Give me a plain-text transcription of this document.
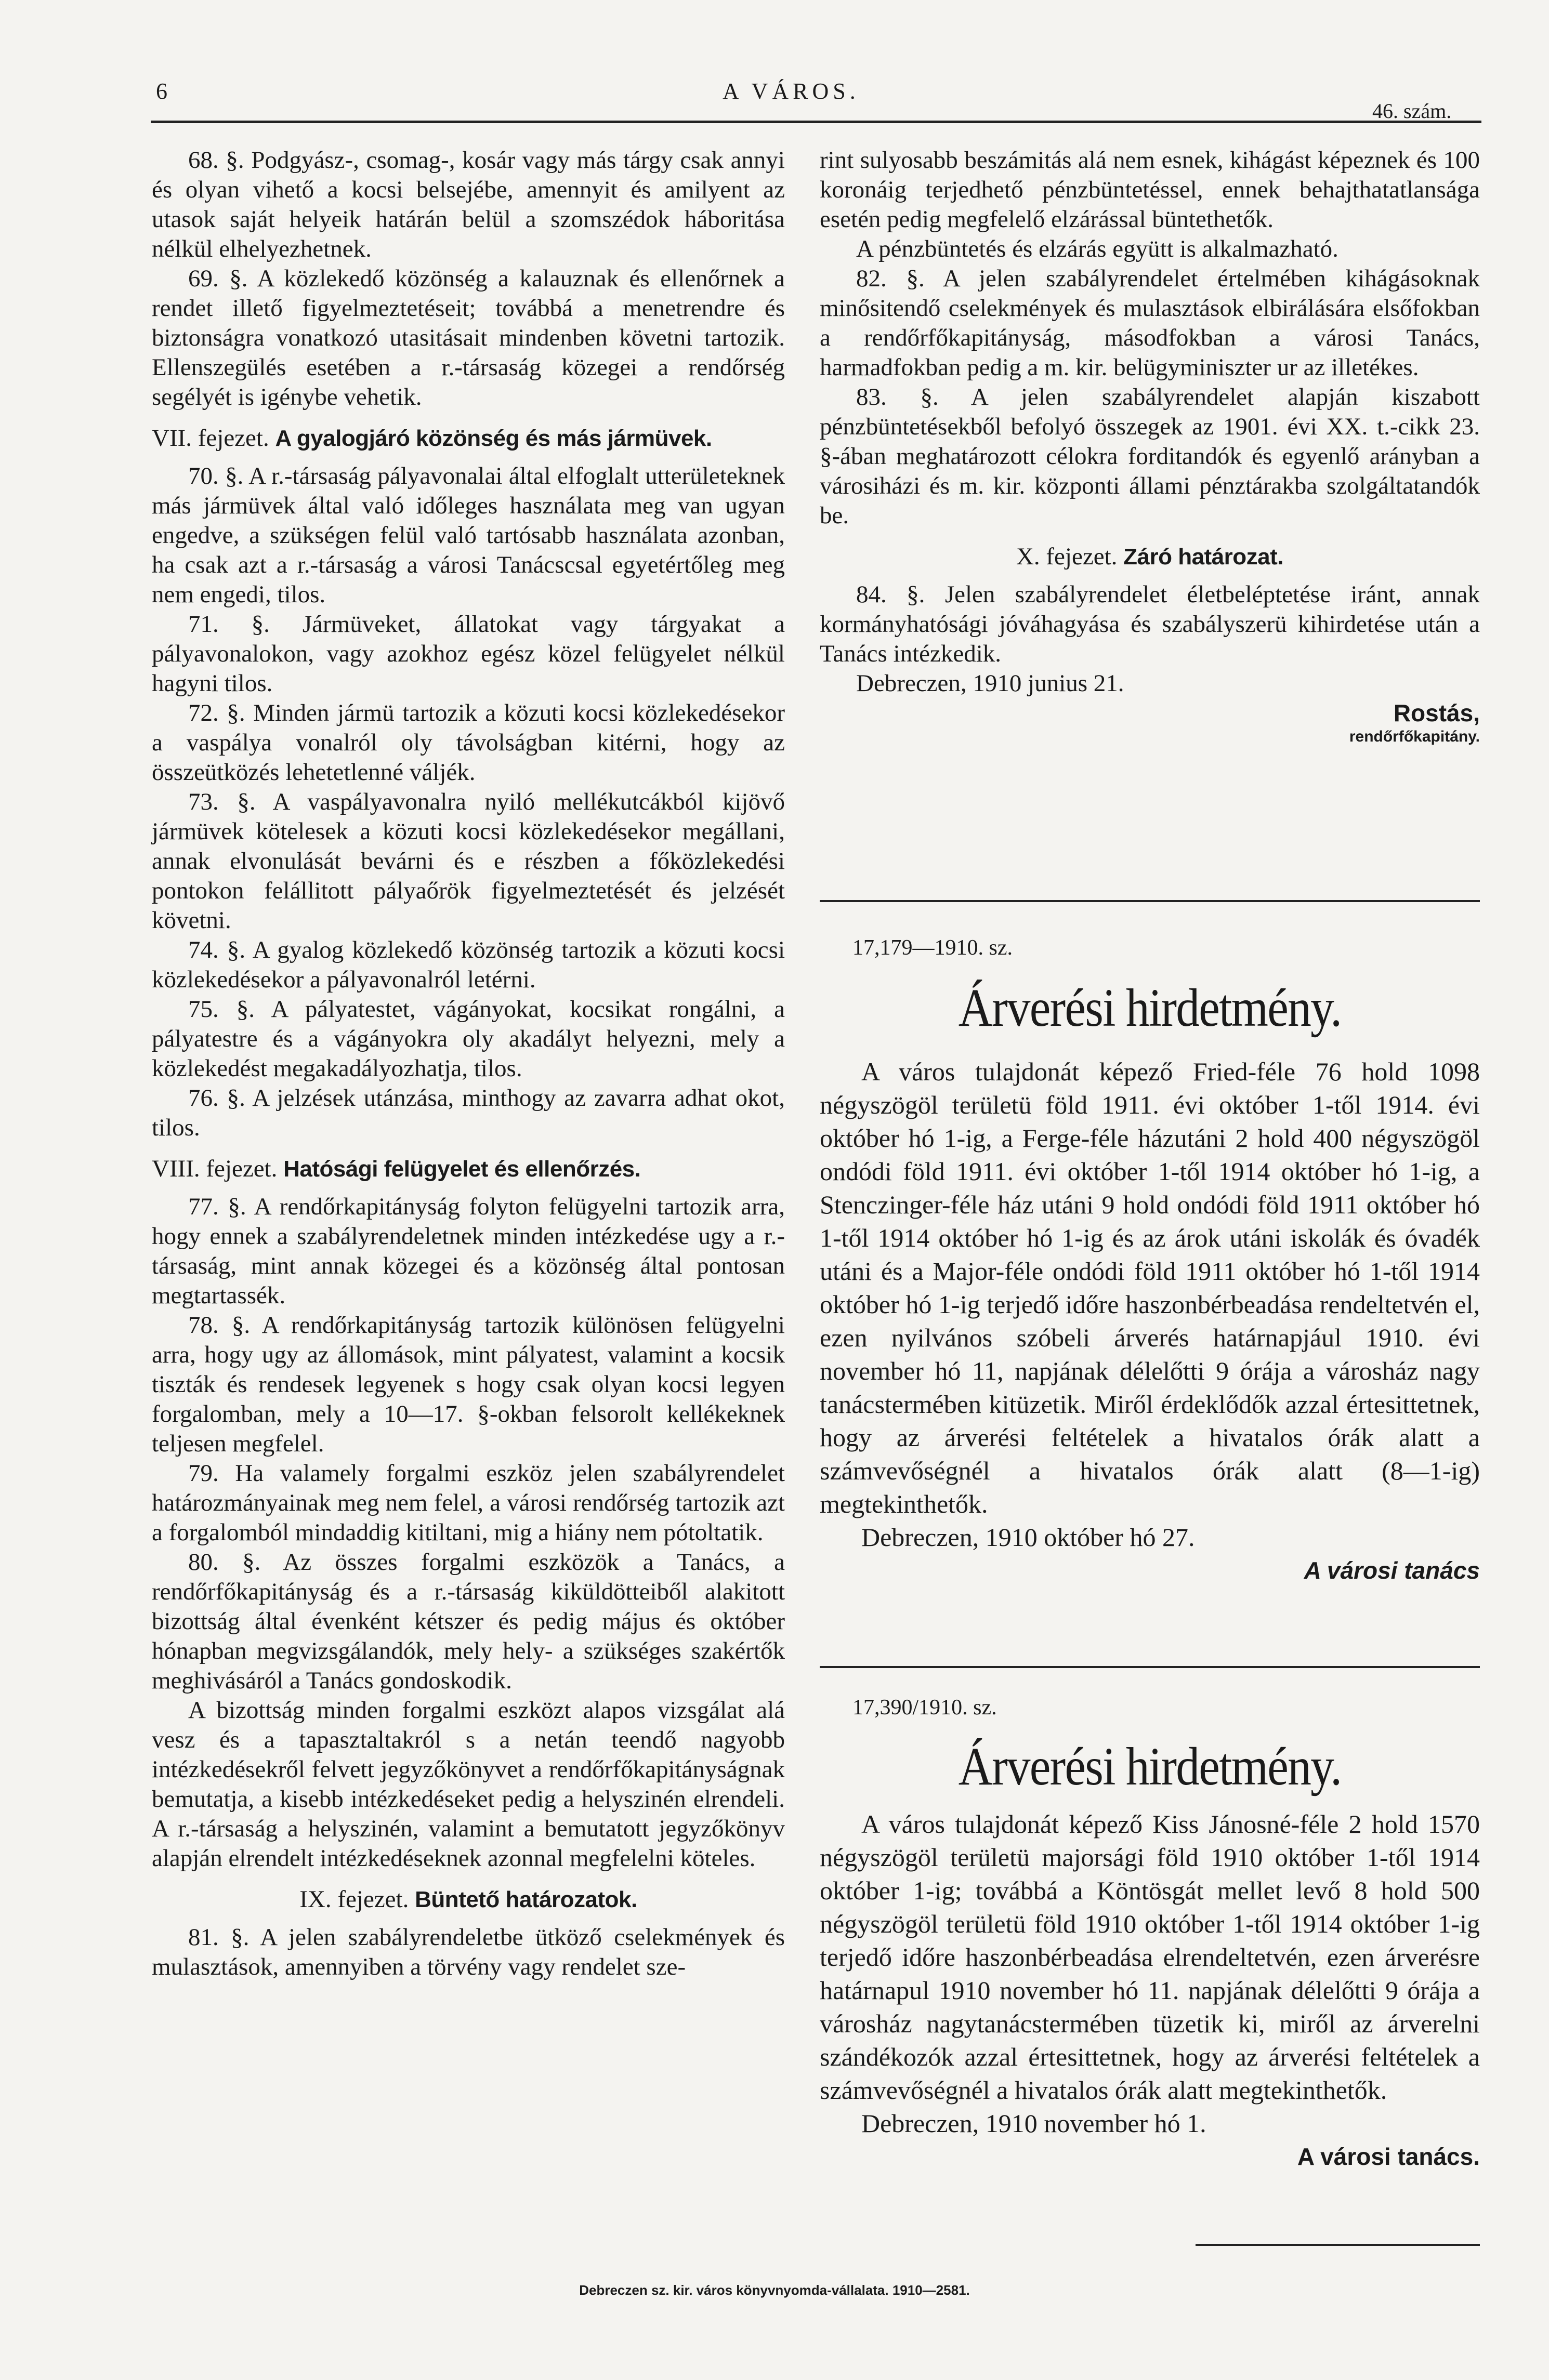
6	A VÁROS.
46. szám.

68. §. Podgyász-, csomag-, kosár vagy más tárgy csak annyi és olyan vihető a kocsi belsejébe, amennyit és amilyent az utasok saját helyeik határán belül a szomszédok háboritása nélkül elhelyezhetnek.

69. §. A közlekedő közönség a kalauznak és ellenőrnek a rendet illető figyelmeztetéseit; továbbá a menetrendre és biztonságra vonatkozó utasitásait mindenben követni tartozik. Ellenszegülés esetében a r.-társaság közegei a rendőrség segélyét is igénybe vehetik.

VII. fejezet. A gyalogjáró közönség és más jármüvek.

70. §. A r.-társaság pályavonalai által elfoglalt utterületeknek más jármüvek által való időleges használata meg van ugyan engedve, a szükségen felül való tartósabb használata azonban, ha csak azt a r.-társaság a városi Tanácscsal egyetértőleg meg nem engedi, tilos.

71. §. Jármüveket, állatokat vagy tárgyakat a pályavonalokon, vagy azokhoz egész közel felügyelet nélkül hagyni tilos.

72. §. Minden jármü tartozik a közuti kocsi közlekedésekor a vaspálya vonalról oly távolságban kitérni, hogy az összeütközés lehetetlenné váljék.

73. §. A vaspályavonalra nyiló mellékutcákból kijövő jármüvek kötelesek a közuti kocsi közlekedésekor megállani, annak elvonulását bevárni és e részben a főközlekedési pontokon felállitott pályaőrök figyelmeztetését és jelzését követni.

74. §. A gyalog közlekedő közönség tartozik a közuti kocsi közlekedésekor a pályavonalról letérni.

75. §. A pályatestet, vágányokat, kocsikat rongálni, a pályatestre és a vágányokra oly akadályt helyezni, mely a közlekedést megakadályozhatja, tilos.

76. §. A jelzések utánzása, minthogy az zavarra adhat okot, tilos.

VIII. fejezet. Hatósági felügyelet és ellenőrzés.

77. §. A rendőrkapitányság folyton felügyelni tartozik arra, hogy ennek a szabályrendeletnek minden intézkedése ugy a r.-társaság, mint annak közegei és a közönség által pontosan megtartassék.

78. §. A rendőrkapitányság tartozik különösen felügyelni arra, hogy ugy az állomások, mint pályatest, valamint a kocsik tiszták és rendesek legyenek s hogy csak olyan kocsi legyen forgalomban, mely a 10—17. §-okban felsorolt kellékeknek teljesen megfelel.

79. Ha valamely forgalmi eszköz jelen szabályrendelet határozmányainak meg nem felel, a városi rendőrség tartozik azt a forgalomból mindaddig kitiltani, mig a hiány nem pótoltatik.

80. §. Az összes forgalmi eszközök a Tanács, a rendőrfőkapitányság és a r.-társaság kiküldötteiből alakitott bizottság által évenként kétszer és pedig május és október hónapban megvizsgálandók, mely hely- a szükséges szakértők meghivásáról a Tanács gondoskodik.

A bizottság minden forgalmi eszközt alapos vizsgálat alá vesz és a tapasztaltakról s a netán teendő nagyobb intézkedésekről felvett jegyzőkönyvet a rendőrfőkapitányságnak bemutatja, a kisebb intézkedéseket pedig a helyszinén elrendeli. A r.-társaság a helyszinén, valamint a bemutatott jegyzőkönyv alapján elrendelt intézkedéseknek azonnal megfelelni köteles.

IX. fejezet. Büntető határozatok.

81. §. A jelen szabályrendeletbe ütköző cselekmények és mulasztások, amennyiben a törvény vagy rendelet sze-

rint sulyosabb beszámitás alá nem esnek, kihágást képeznek és 100 koronáig terjedhető pénzbüntetéssel, ennek behajthatatlansága esetén pedig megfelelő elzárással büntethetők.

A pénzbüntetés és elzárás együtt is alkalmazható.

82. §. A jelen szabályrendelet értelmében kihágásoknak minősitendő cselekmények és mulasztások elbirálására elsőfokban a rendőrfőkapitányság, másodfokban a városi Tanács, harmadfokban pedig a m. kir. belügyminiszter ur az illetékes.

83. §. A jelen szabályrendelet alapján kiszabott pénzbüntetésekből befolyó összegek az 1901. évi XX. t.-cikk 23. §-ában meghatározott célokra forditandók és egyenlő arányban a városiházi és m. kir. központi állami pénztárakba szolgáltatandók be.

X. fejezet. Záró határozat.

84. §. Jelen szabályrendelet életbeléptetése iránt, annak kormányhatósági jóváhagyása és szabályszerü kihirdetése után a Tanács intézkedik.

Debreczen, 1910 junius 21.

Rostás,
rendőrfőkapitány.
17,179—1910. sz.
Árverési hirdetmény.

A város tulajdonát képező Fried-féle 76 hold 1098 négyszögöl területü föld 1911. évi október 1-től 1914. évi október hó 1-ig, a Ferge-féle házutáni 2 hold 400 négyszögöl ondódi föld 1911. évi október 1-től 1914 október hó 1-ig, a Stenczinger-féle ház utáni 9 hold ondódi föld 1911 október hó 1-től 1914 október hó 1-ig és az árok utáni iskolák és óvadék utáni és a Major-féle ondódi föld 1911 október hó 1-től 1914 október hó 1-ig terjedő időre haszonbérbeadása rendeltetvén el, ezen nyilvános szóbeli árverés határnapjául 1910. évi november hó 11, napjának délelőtti 9 órája a városház nagy tanácstermében kitüzetik. Miről érdeklődők azzal értesittetnek, hogy az árverési feltételek a hivatalos órák alatt a számvevőségnél a hivatalos órák alatt (8—1-ig) megtekinthetők.

Debreczen, 1910 október hó 27.

A városi tanács
17,390/1910. sz.
Árverési hirdetmény.

A város tulajdonát képező Kiss Jánosné-féle 2 hold 1570 négyszögöl területü majorsági föld 1910 október 1-től 1914 október 1-ig; továbbá a Köntösgát mellet levő 8 hold 500 négyszögöl területü föld 1910 október 1-től 1914 október 1-ig terjedő időre haszonbérbeadása elrendeltetvén, ezen árverésre határnapul 1910 november hó 11. napjának délelőtti 9 órája a városház nagytanácstermében tüzetik ki, miről az árverelni szándékozók azzal értesittetnek, hogy az árverési feltételek a számvevőségnél a hivatalos órák alatt megtekinthetők.

Debreczen, 1910 november hó 1.

A városi tanács.
Debreczen sz. kir. város könyvnyomda-vállalata. 1910—2581.
